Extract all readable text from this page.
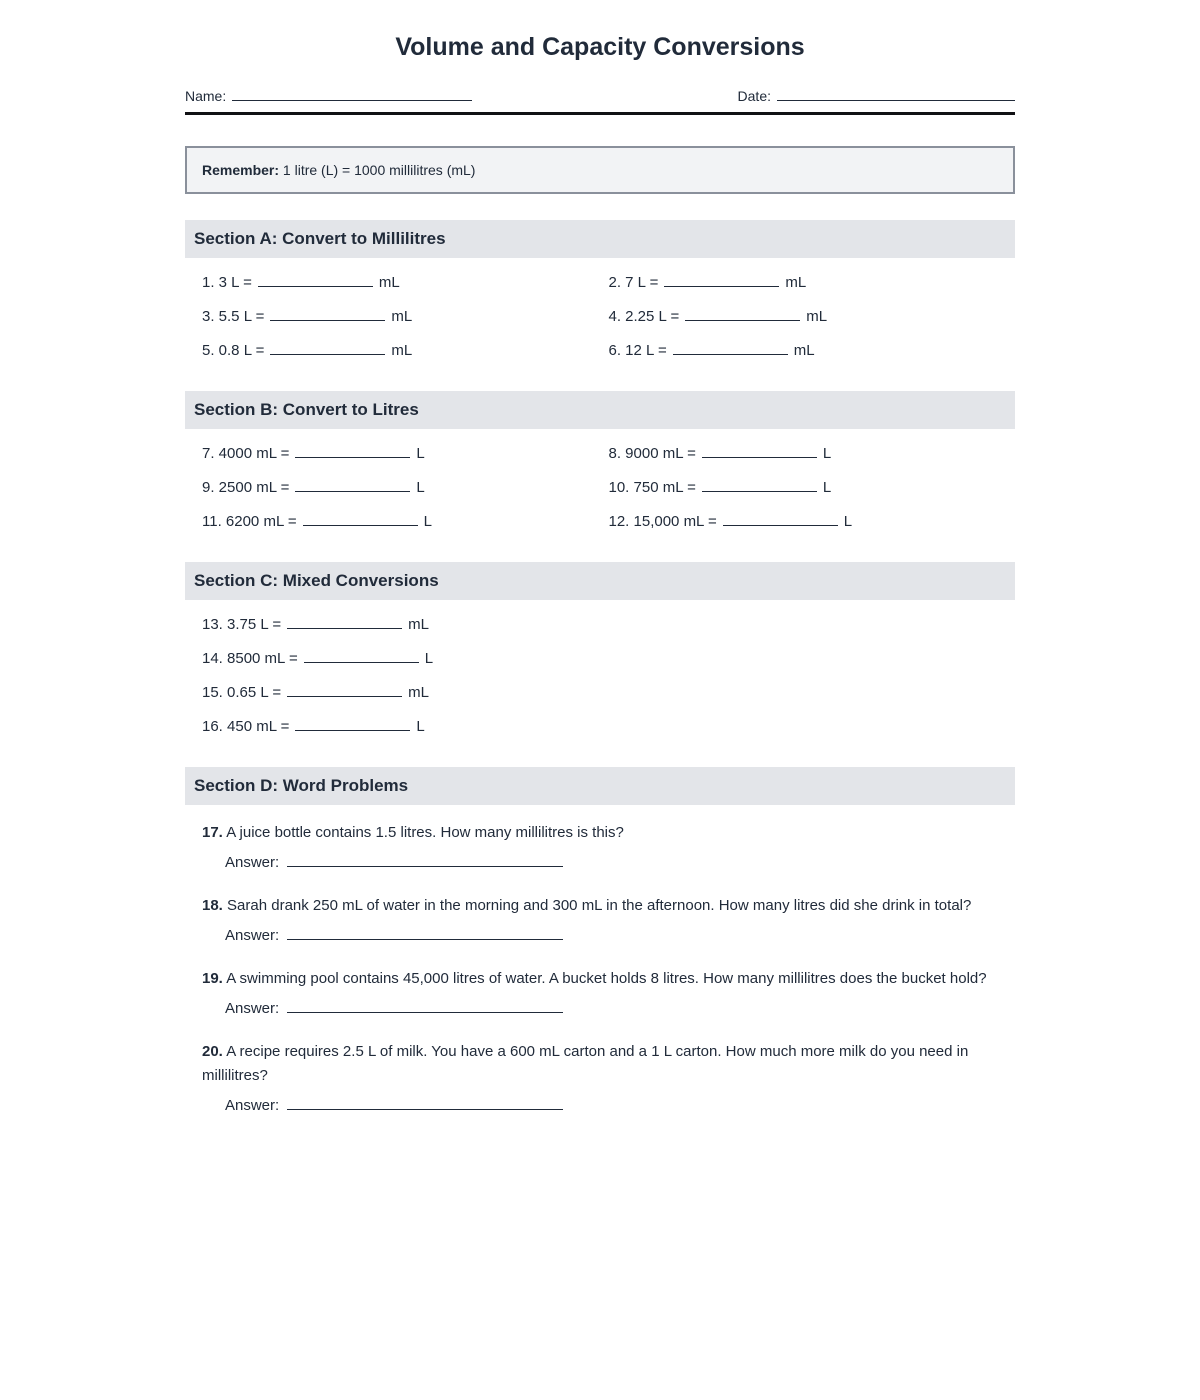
Volume and Capacity Conversions
Name:	Date:
Remember: 1 litre (L) = 1000 millilitres (mL)
Section A: Convert to Millilitres
1. 3 L =	mL	2. 7 L =	mL
3. 5.5 L =	mL	4. 2.25 L =	mL
5. 0.8 L =	mL	6. 12 L =	mL
Section B: Convert to Litres
7. 4000 mL =	L	8. 9000 mL =	L
9. 2500 mL =	L	10. 750 mL =	L
11. 6200 mL =	L	12. 15,000 mL =	L
Section C: Mixed Conversions
13. 3.75 L =	mL
14. 8500 mL =	L
15. 0.65 L =	mL
16. 450 mL =	L
Section D: Word Problems

17. A juice bottle contains 1.5 litres. How many millilitres is this?

Answer:

18. Sarah drank 250 mL of water in the morning and 300 mL in the afternoon. How many litres did she drink in total?

Answer:

19. A swimming pool contains 45,000 litres of water. A bucket holds 8 litres. How many millilitres does the bucket hold?

Answer:

20. A recipe requires 2.5 L of milk. You have a 600 mL carton and a 1 L carton. How much more milk do you need in millilitres?

Answer:
